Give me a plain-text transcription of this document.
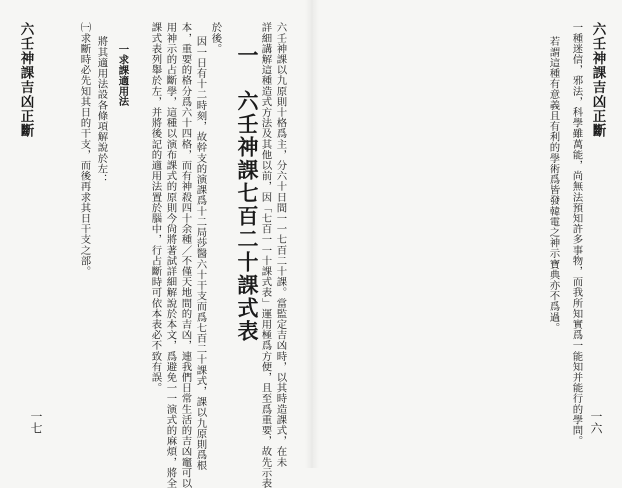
六壬神課吉凶正斷
一種迷信，邪法，科學雖萬能，尚無法預知許多事物，而我所知實爲一能知并能行的學問。
若謂這種有意義且有利的學術爲皆發韓電之神示寶典亦不爲過。
一六
六壬神課以九原則十格爲主，分六十日間一一七百二十課。當監定吉凶時，以其時造課式，在未
詳細講解這種造式方法及其他以前，因「七百一一十課式表」運用極爲方便，且至爲重要，故先示表
一　六壬神課七百二十課式表
於後。
因一日有十二時刻，故幹支的演課爲十二局莎醫六十干支而爲七百二十課式，課以九原則爲根
本，重要的格分爲六十四格，而有神殺四十余種／不僅天地間的吉凶，連我們日常生活的吉凶竈可以
用神示的占斷學，這種以演布課式的原則今尙將著試詳細解說於本文，爲避免一一演式的麻煩，將全
課式表列舉於左，并將後記的適用法置於腦中，行占斷時可依本表必不致有誤。
一求課適用法
將其適用法設各條項解說於左：
㈠求斷時必先知其日的干支，而後再求其日干支之部。
六壬神課吉凶正斷
一七
